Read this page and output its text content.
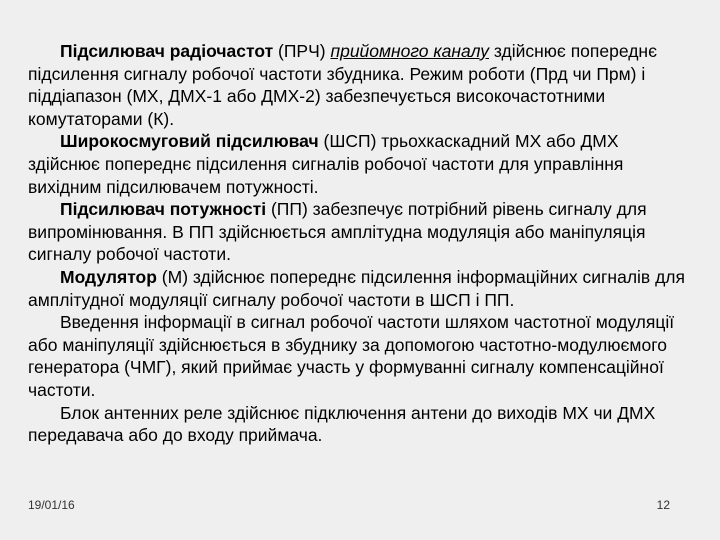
Підсилювач радіочастот (ПРЧ) прийомного каналу здійснює попереднє підсилення сигналу робочої частоти збудника. Режим роботи (Прд чи Прм) і піддіапазон (МХ, ДМХ-1 або ДМХ-2) забезпечується високочастотними комутаторами (К).

Широкосмуговий підсилювач (ШСП) трьохкаскадний МХ або ДМХ здійснює попереднє підсилення сигналів робочої частоти для управління вихідним підсилювачем потужності.

Підсилювач потужності (ПП) забезпечує потрібний рівень сигналу для випромінювання. В ПП здійснюється амплітудна модуляція або маніпуляція сигналу робочої частоти.

Модулятор (М) здійснює попереднє підсилення інформаційних сигналів для амплітудної модуляції сигналу робочої частоти в ШСП і ПП.

Введення інформації в сигнал робочої частоти шляхом частотної модуляції або маніпуляції здійснюється в збуднику за допомогою частотно-модулюємого генератора (ЧМГ), який приймає участь у формуванні сигналу компенсаційної частоти.

Блок антенних реле здійснює підключення антени до виходів МХ чи ДМХ передавача або до входу приймача.

19/01/16	12
